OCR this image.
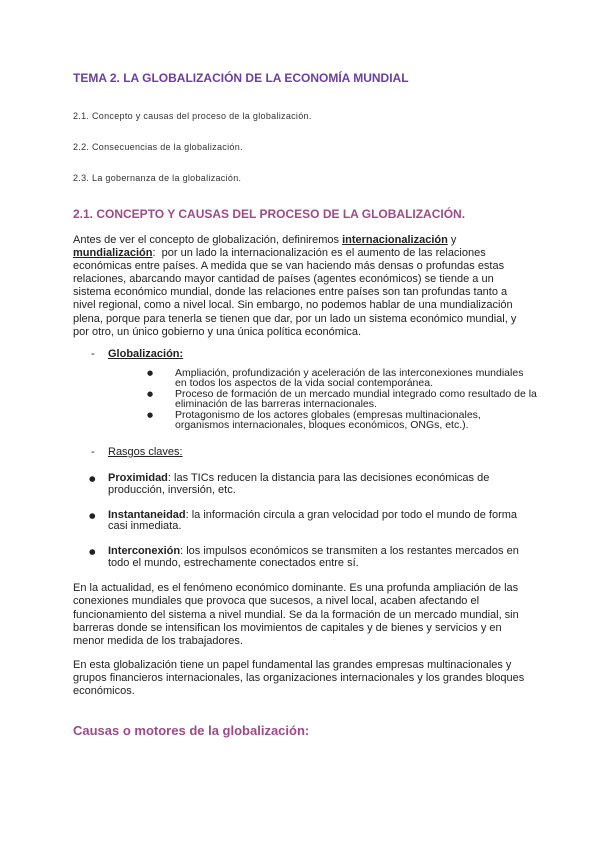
TEMA 2. LA GLOBALIZACIÓN DE LA ECONOMÍA MUNDIAL
2.1. Concepto y causas del proceso de la globalización.
2.2. Consecuencias de la globalización.
2.3. La gobernanza de la globalización.
2.1. CONCEPTO Y CAUSAS DEL PROCESO DE LA GLOBALIZACIÓN.
Antes de ver el concepto de globalización, definiremos internacionalización y
mundialización:  por un lado la internacionalización es el aumento de las relaciones
económicas entre países. A medida que se van haciendo más densas o profundas estas
relaciones, abarcando mayor cantidad de países (agentes económicos) se tiende a un
sistema económico mundial, donde las relaciones entre países son tan profundas tanto a
nivel regional, como a nivel local. Sin embargo, no podemos hablar de una mundialización
plena, porque para tenerla se tienen que dar, por un lado un sistema económico mundial, y
por otro, un único gobierno y una única política económica.
- Globalización:
● Ampliación, profundización y aceleración de las interconexiones mundiales
en todos los aspectos de la vida social contemporánea.
● Proceso de formación de un mercado mundial integrado como resultado de la
eliminación de las barreras internacionales.
● Protagonismo de los actores globales (empresas multinacionales,
organismos internacionales, bloques económicos, ONGs, etc.).
- Rasgos claves:
● Proximidad: las TICs reducen la distancia para las decisiones económicas de
producción, inversión, etc.
● Instantaneidad: la información circula a gran velocidad por todo el mundo de forma
casi inmediata.
● Interconexión: los impulsos económicos se transmiten a los restantes mercados en
todo el mundo, estrechamente conectados entre sí.
En la actualidad, es el fenómeno económico dominante. Es una profunda ampliación de las
conexiones mundiales que provoca que sucesos, a nivel local, acaben afectando el
funcionamiento del sistema a nivel mundial. Se da la formación de un mercado mundial, sin
barreras donde se intensifican los movimientos de capitales y de bienes y servicios y en
menor medida de los trabajadores.
En esta globalización tiene un papel fundamental las grandes empresas multinacionales y
grupos financieros internacionales, las organizaciones internacionales y los grandes bloques
económicos.
Causas o motores de la globalización:
